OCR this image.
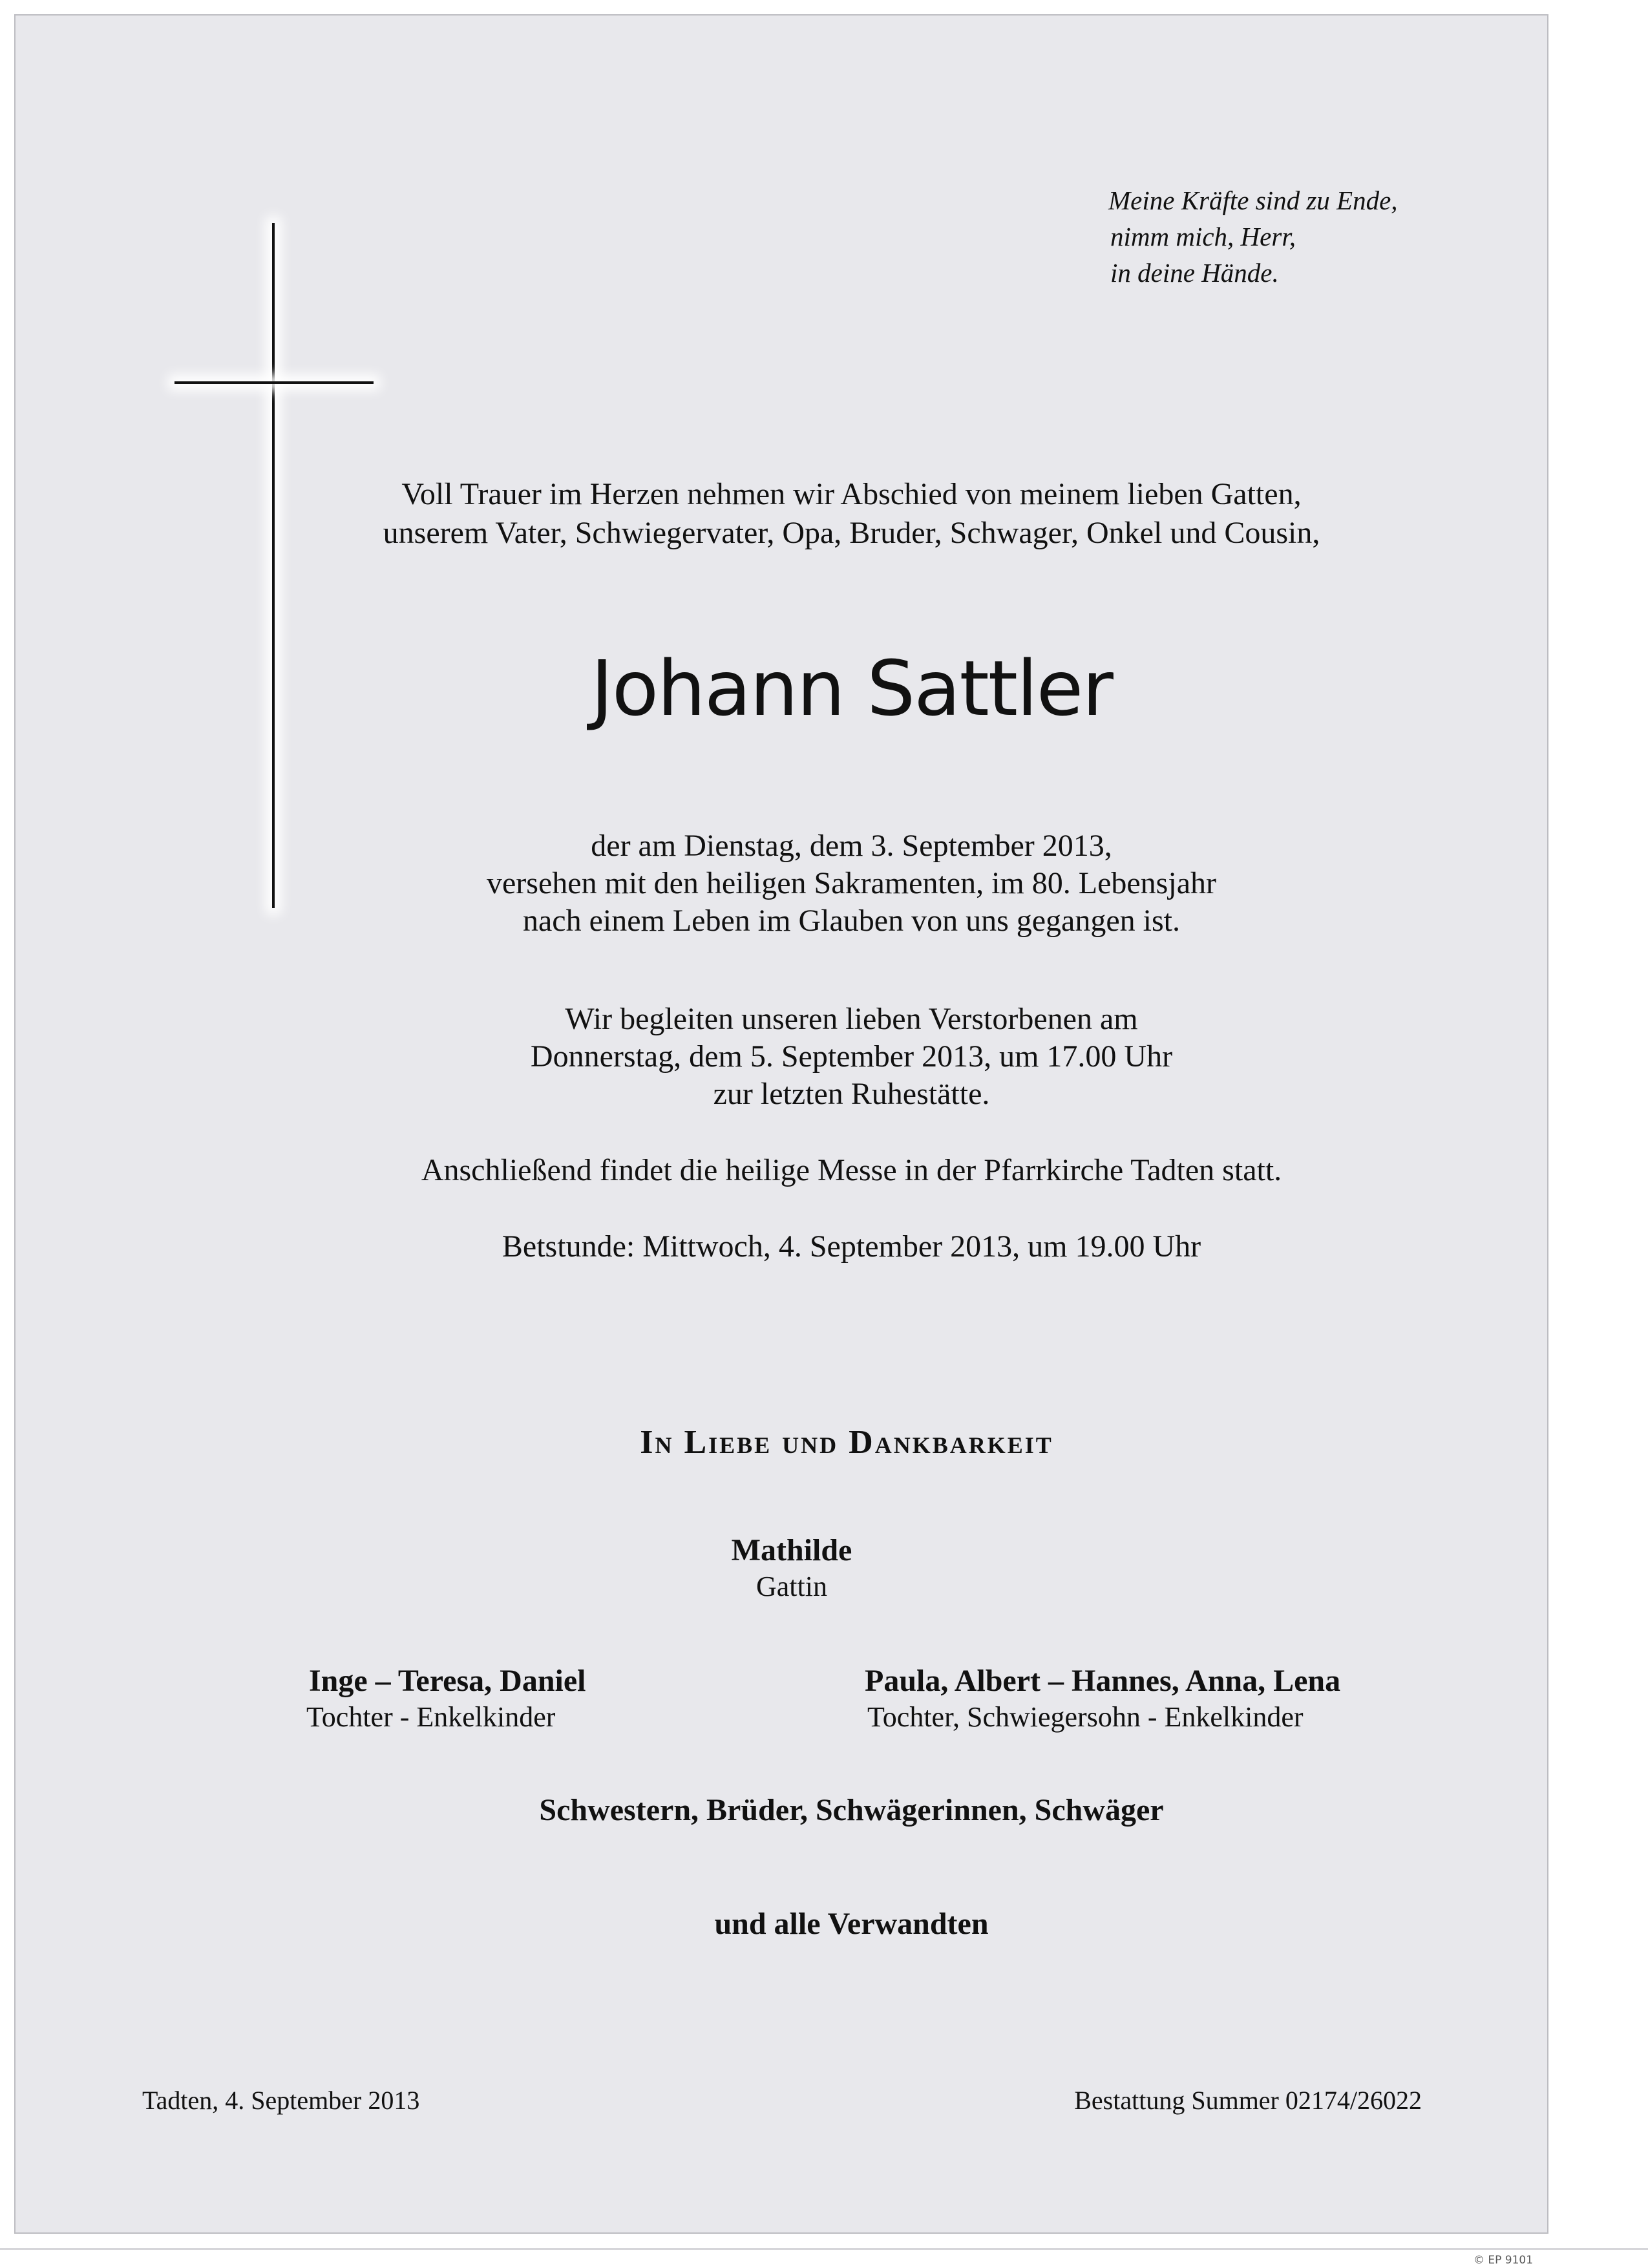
Meine Kräfte sind zu Ende,
nimm mich, Herr,
in deine Hände.
Voll Trauer im Herzen nehmen wir Abschied von meinem lieben Gatten,
unserem Vater, Schwiegervater, Opa, Bruder, Schwager, Onkel und Cousin,
Johann Sattler
der am Dienstag, dem 3. September 2013,
versehen mit den heiligen Sakramenten, im 80. Lebensjahr
nach einem Leben im Glauben von uns gegangen ist.
Wir begleiten unseren lieben Verstorbenen am
Donnerstag, dem 5. September 2013, um 17.00 Uhr
zur letzten Ruhestätte.
Anschließend findet die heilige Messe in der Pfarrkirche Tadten statt.
Betstunde: Mittwoch, 4. September 2013, um 19.00 Uhr
In Liebe und Dankbarkeit
Mathilde
Gattin
Inge – Teresa, Daniel
Tochter - Enkelkinder
Paula, Albert – Hannes, Anna, Lena
Tochter, Schwiegersohn - Enkelkinder
Schwestern, Brüder, Schwägerinnen, Schwäger
und alle Verwandten
Tadten, 4. September 2013	Bestattung Summer 02174/26022
© EP 9101
